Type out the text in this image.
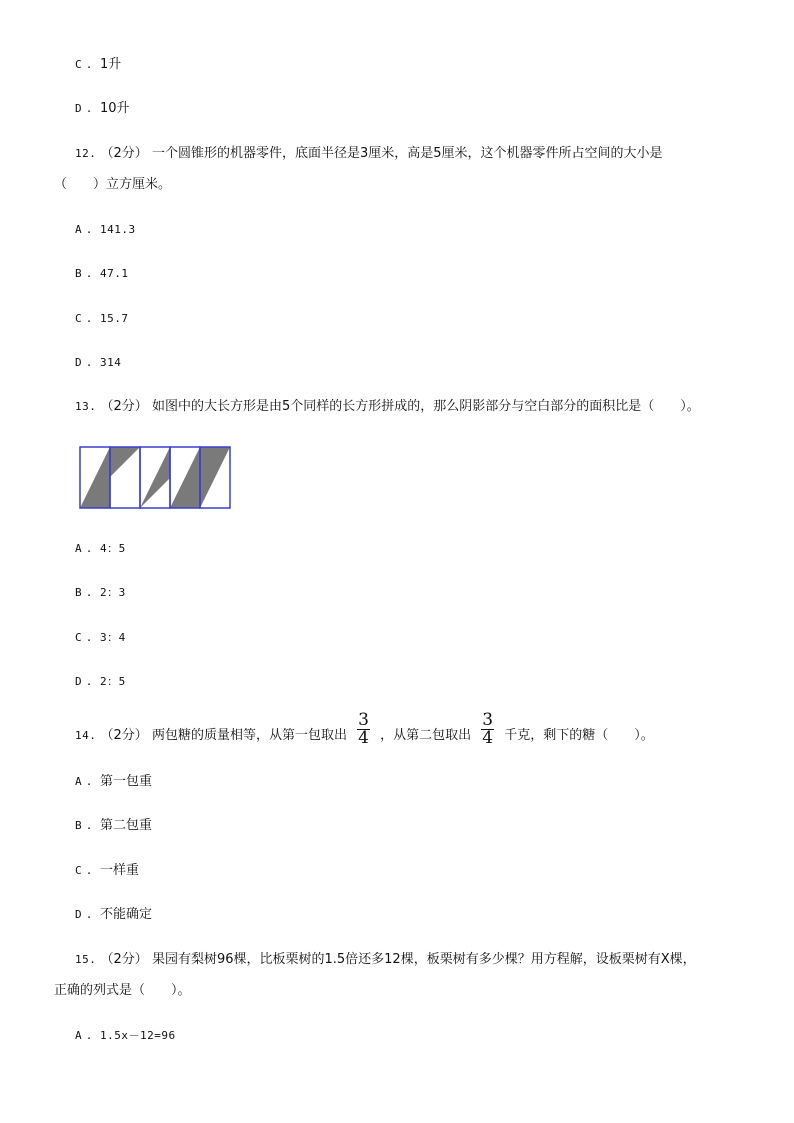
C . 1升
D . 10升
12. （2分） 一个圆锥形的机器零件，底面半径是3厘米，高是5厘米，这个机器零件所占空间的大小是
（　　）立方厘米。
A . 141.3
B . 47.1
C . 15.7
D . 314
13. （2分） 如图中的大长方形是由5个同样的长方形拼成的，那么阴影部分与空白部分的面积比是（　　）。
A . 4：5
B . 2：3
C . 3：4
D . 2：5
14. （2分） 两包糖的质量相等，从第一包取出 $\frac{3}{4}$ ，从第二包取出 $\frac{3}{4}$ 千克，剩下的糖（　　）。
A . 第一包重
B . 第二包重
C . 一样重
D . 不能确定
15. （2分） 果园有梨树96棵，比板栗树的1.5倍还多12棵，板栗树有多少棵？用方程解，设板栗树有X棵，
正确的列式是（　　）。
A . 1.5x－12=96
